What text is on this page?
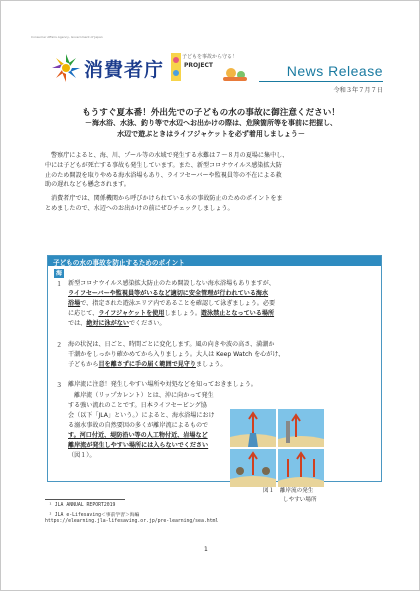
Consumer Affairs Agency, Government of Japan
消費者庁
子どもを事故から守る！
PROJECT	News Release
令和３年７月７日
もうすぐ夏本番！外出先での子どもの水の事故に御注意ください！
－海水浴、水泳、釣り等で水辺へお出かけの際は、危険箇所等を事前に把握し、
水辺で遊ぶときはライフジャケットを必ず着用しましょう－

警察庁によると、海、川、プール等の水域で発生する水難は７～８月の夏場に集中し、

中には子どもが死亡する事故も発生しています。また、新型コロナウイルス感染拡大防

止のため開設を取りやめる海水浴場もあり、ライフセーバーや監視員等の不在による救

助の遅れなども懸念されます。

消費者庁では、関係機関から呼びかけられている水の事故防止のためのポイントをま

とめましたので、水辺へのお出かけの前にぜひチェックしましょう。

子どもの水の事故を防止するためのポイント
海
１ 新型コロナウイルス感染拡大防止のため開設しない海水浴場もありますが、
ライフセーバーや監視員等がいるなど適切に安全管理が行われている海水
浴場で、指定された遊泳エリア内であることを確認して泳ぎましょう。必要
に応じて、ライフジャケットを使用しましょう。遊泳禁止となっている場所
では、絶対に泳がないでください。
２ 海の状況は、日ごと、時間ごとに変化します。風の向きや波の高さ、満潮か
干潮かをしっかり確かめてから入りましょう。大人は Keep Watch を心がけ、
子どもから目を離さずに手の届く範囲で見守りましょう。
３ 離岸流に注意！発生しやすい場所や対処などを知っておきましょう。
離岸流（リップカレント）とは、沖に向かって発生
する強い流れのことです。日本ライフセービング協
会（以下「JLA」という。）によると、海水浴場におけ
る溺水事故の自然要因の多くが離岸流によるもので
す。河口付近、堤防沿い等の人工物付近、岩場など
離岸流が発生しやすい場所には入らないでください
（図１）。
図１　離岸流の発生
しやすい場所
¹ JLA ANNUAL REPORT2019
² JLA e-Lifesaving＜事前学習＞海編
https://elearning.jla-lifesaving.or.jp/pre-learning/sea.html
1
